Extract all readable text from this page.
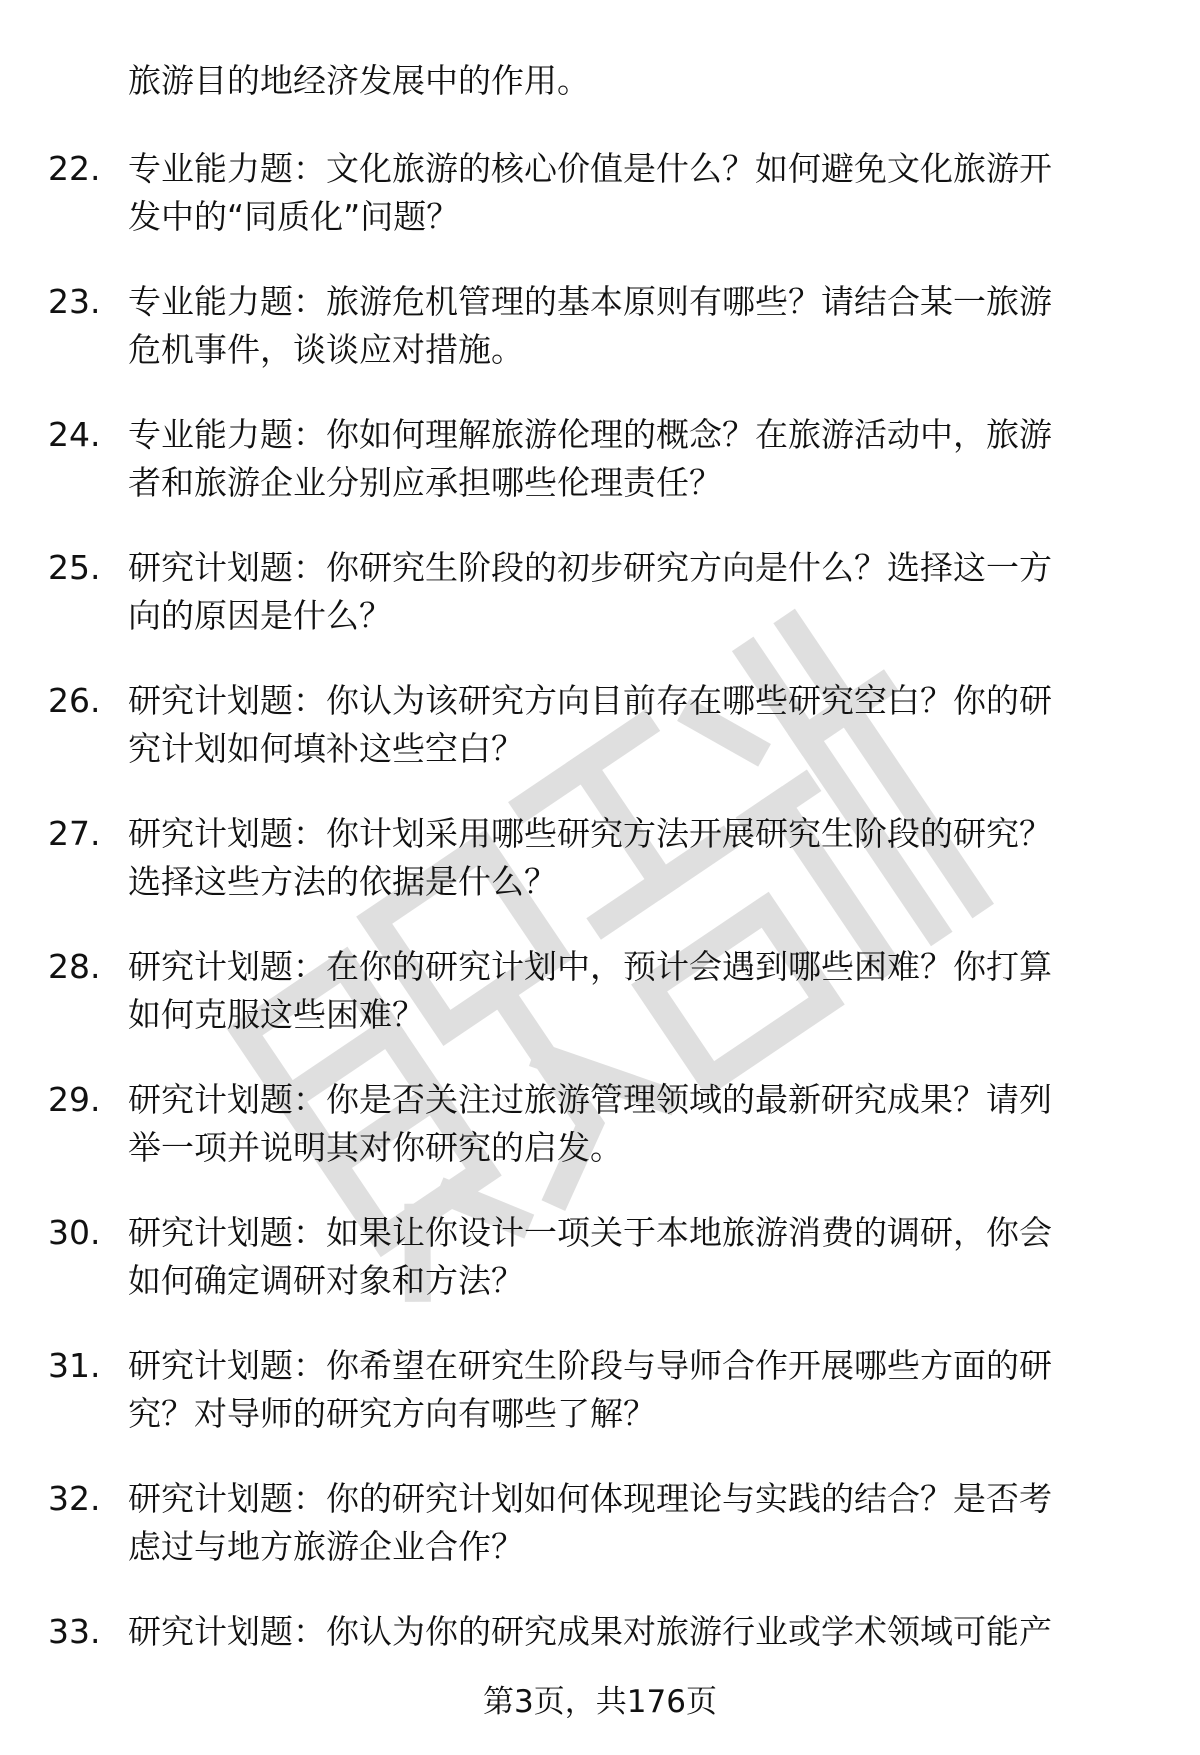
旅游目的地经济发展中的作用。
22. 专业能力题：文化旅游的核心价值是什么？如何避免文化旅游开
发中的“同质化”问题？
23. 专业能力题：旅游危机管理的基本原则有哪些？请结合某一旅游
危机事件，谈谈应对措施。
24. 专业能力题：你如何理解旅游伦理的概念？在旅游活动中，旅游
者和旅游企业分别应承担哪些伦理责任？
25. 研究计划题：你研究生阶段的初步研究方向是什么？选择这一方
向的原因是什么？
26. 研究计划题：你认为该研究方向目前存在哪些研究空白？你的研
究计划如何填补这些空白？
27. 研究计划题：你计划采用哪些研究方法开展研究生阶段的研究？
选择这些方法的依据是什么？
28. 研究计划题：在你的研究计划中，预计会遇到哪些困难？你打算
如何克服这些困难？
29. 研究计划题：你是否关注过旅游管理领域的最新研究成果？请列
举一项并说明其对你研究的启发。
30. 研究计划题：如果让你设计一项关于本地旅游消费的调研，你会
如何确定调研对象和方法？
31. 研究计划题：你希望在研究生阶段与导师合作开展哪些方面的研
究？对导师的研究方向有哪些了解？
32. 研究计划题：你的研究计划如何体现理论与实践的结合？是否考
虑过与地方旅游企业合作？
33. 研究计划题：你认为你的研究成果对旅游行业或学术领域可能产
第3页，共176页
